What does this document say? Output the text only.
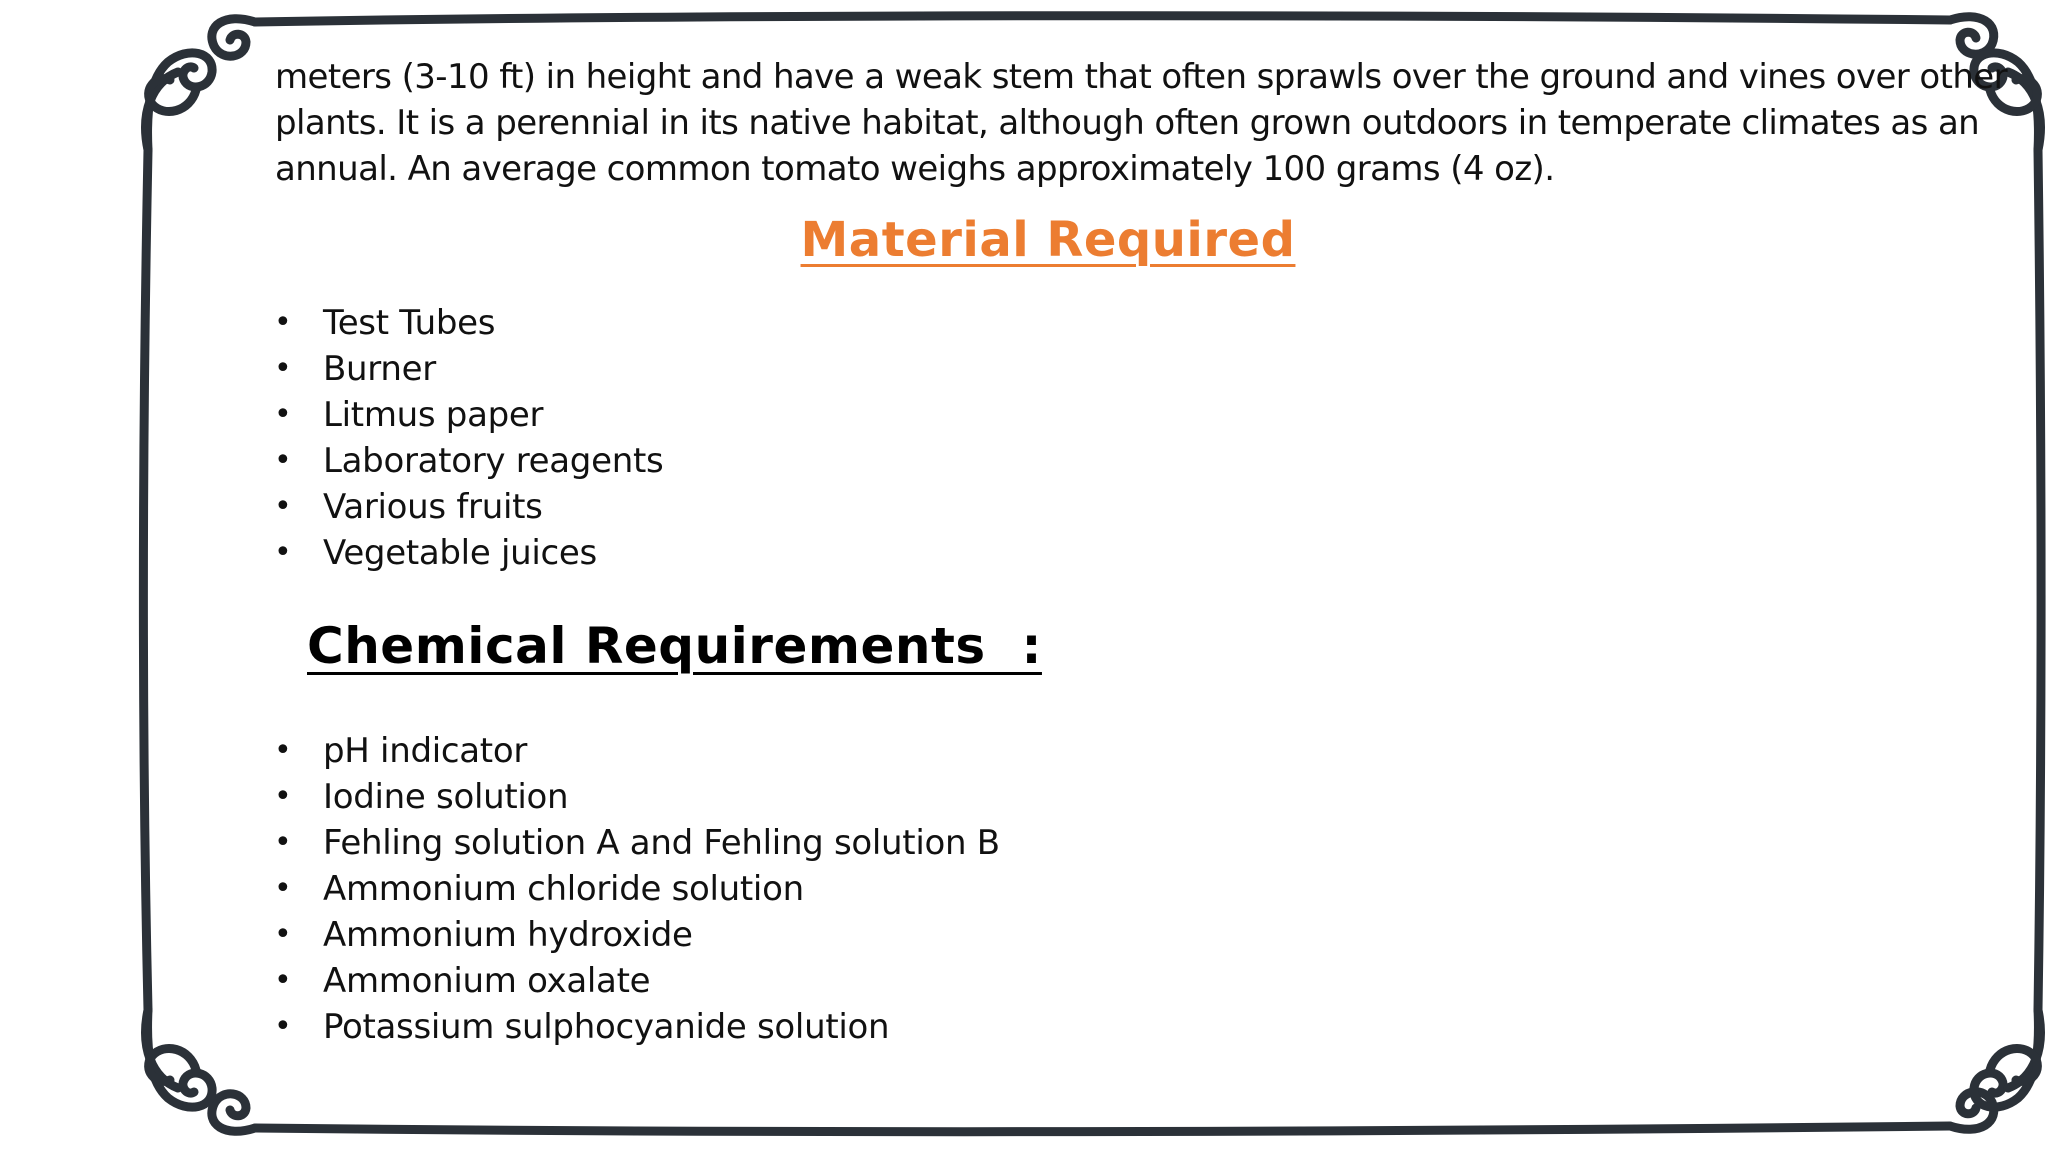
meters (3-10 ft) in height and have a weak stem that often sprawls over the ground and vines over other
plants. It is a perennial in its native habitat, although often grown outdoors in temperate climates as an
annual. An average common tomato weighs approximately 100 grams (4 oz).
Material Required
• Test Tubes
• Burner
• Litmus paper
• Laboratory reagents
• Various fruits
• Vegetable juices
Chemical Requirements  :
• pH indicator
• Iodine solution
• Fehling solution A and Fehling solution B
• Ammonium chloride solution
• Ammonium hydroxide
• Ammonium oxalate
• Potassium sulphocyanide solution
